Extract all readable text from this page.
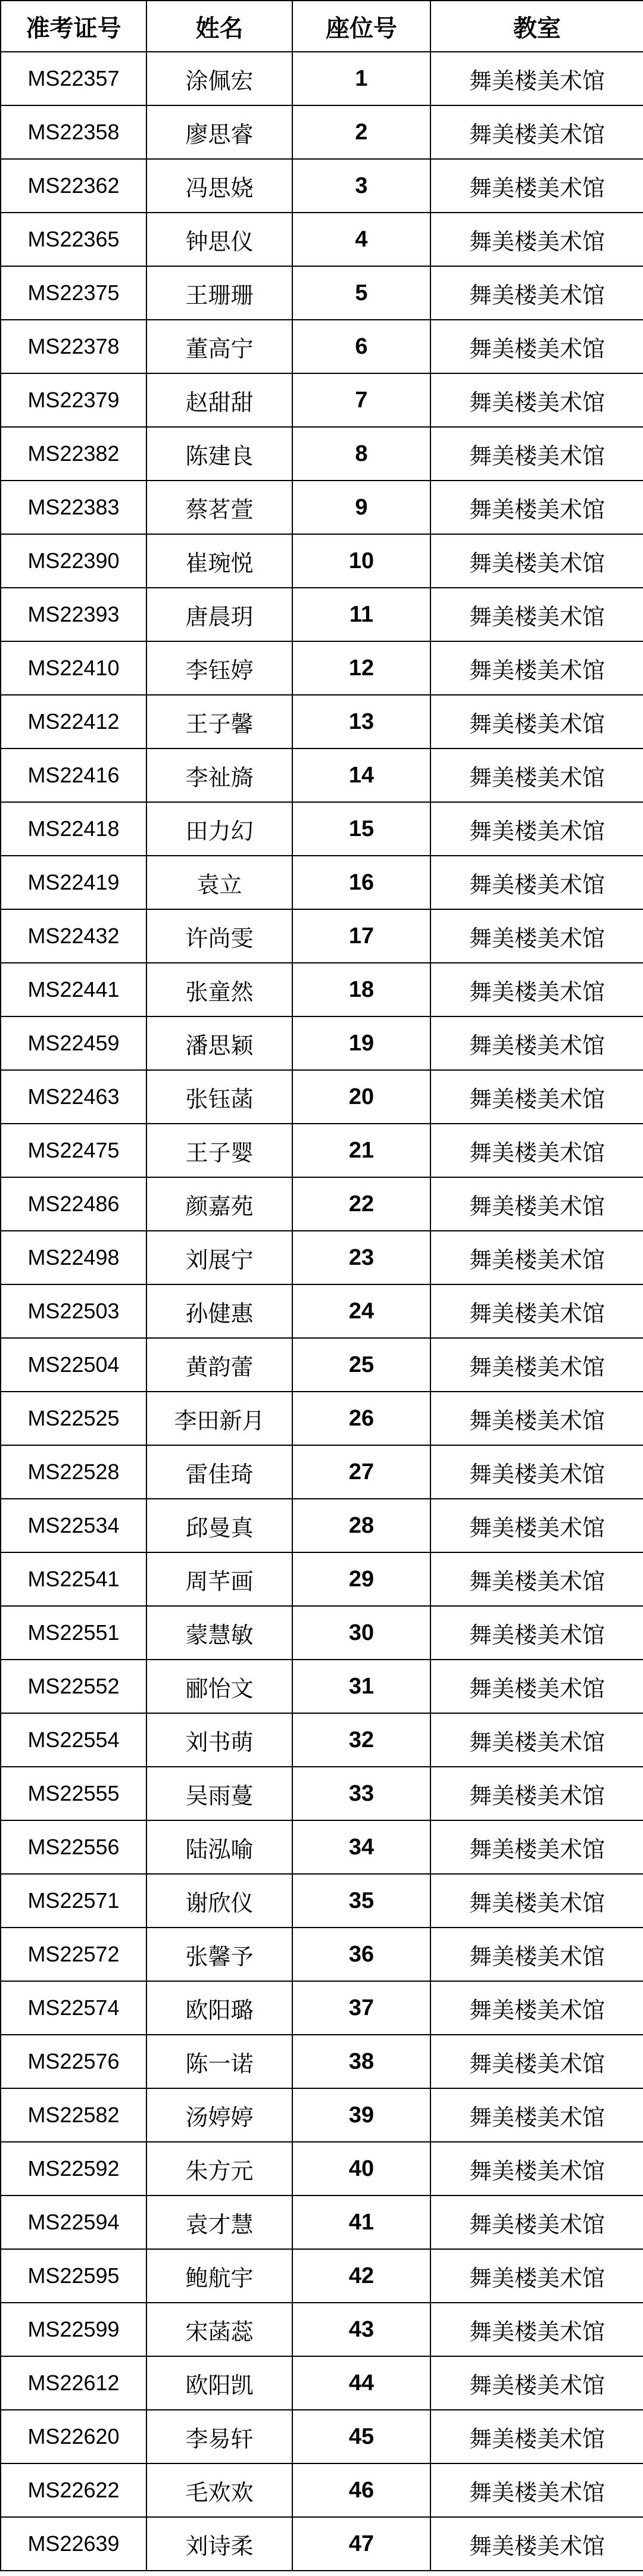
准考证号	姓名	座位号	教室
MS22357	涂佩宏	1	舞美楼美术馆
MS22358	廖思睿	2	舞美楼美术馆
MS22362	冯思娆	3	舞美楼美术馆
MS22365	钟思仪	4	舞美楼美术馆
MS22375	王珊珊	5	舞美楼美术馆
MS22378	董高宁	6	舞美楼美术馆
MS22379	赵甜甜	7	舞美楼美术馆
MS22382	陈建良	8	舞美楼美术馆
MS22383	蔡茗萱	9	舞美楼美术馆
MS22390	崔琬悦	10	舞美楼美术馆
MS22393	唐晨玥	11	舞美楼美术馆
MS22410	李钰婷	12	舞美楼美术馆
MS22412	王子馨	13	舞美楼美术馆
MS22416	李祉旖	14	舞美楼美术馆
MS22418	田力幻	15	舞美楼美术馆
MS22419	袁立	16	舞美楼美术馆
MS22432	许尚雯	17	舞美楼美术馆
MS22441	张童然	18	舞美楼美术馆
MS22459	潘思颖	19	舞美楼美术馆
MS22463	张钰菡	20	舞美楼美术馆
MS22475	王子婴	21	舞美楼美术馆
MS22486	颜嘉苑	22	舞美楼美术馆
MS22498	刘展宁	23	舞美楼美术馆
MS22503	孙健惠	24	舞美楼美术馆
MS22504	黄韵蕾	25	舞美楼美术馆
MS22525	李田新月	26	舞美楼美术馆
MS22528	雷佳琦	27	舞美楼美术馆
MS22534	邱曼真	28	舞美楼美术馆
MS22541	周芊画	29	舞美楼美术馆
MS22551	蒙慧敏	30	舞美楼美术馆
MS22552	郦怡文	31	舞美楼美术馆
MS22554	刘书萌	32	舞美楼美术馆
MS22555	吴雨蔓	33	舞美楼美术馆
MS22556	陆泓喻	34	舞美楼美术馆
MS22571	谢欣仪	35	舞美楼美术馆
MS22572	张馨予	36	舞美楼美术馆
MS22574	欧阳璐	37	舞美楼美术馆
MS22576	陈一诺	38	舞美楼美术馆
MS22582	汤婷婷	39	舞美楼美术馆
MS22592	朱方元	40	舞美楼美术馆
MS22594	袁才慧	41	舞美楼美术馆
MS22595	鲍航宇	42	舞美楼美术馆
MS22599	宋菡蕊	43	舞美楼美术馆
MS22612	欧阳凯	44	舞美楼美术馆
MS22620	李易轩	45	舞美楼美术馆
MS22622	毛欢欢	46	舞美楼美术馆
MS22639	刘诗柔	47	舞美楼美术馆
